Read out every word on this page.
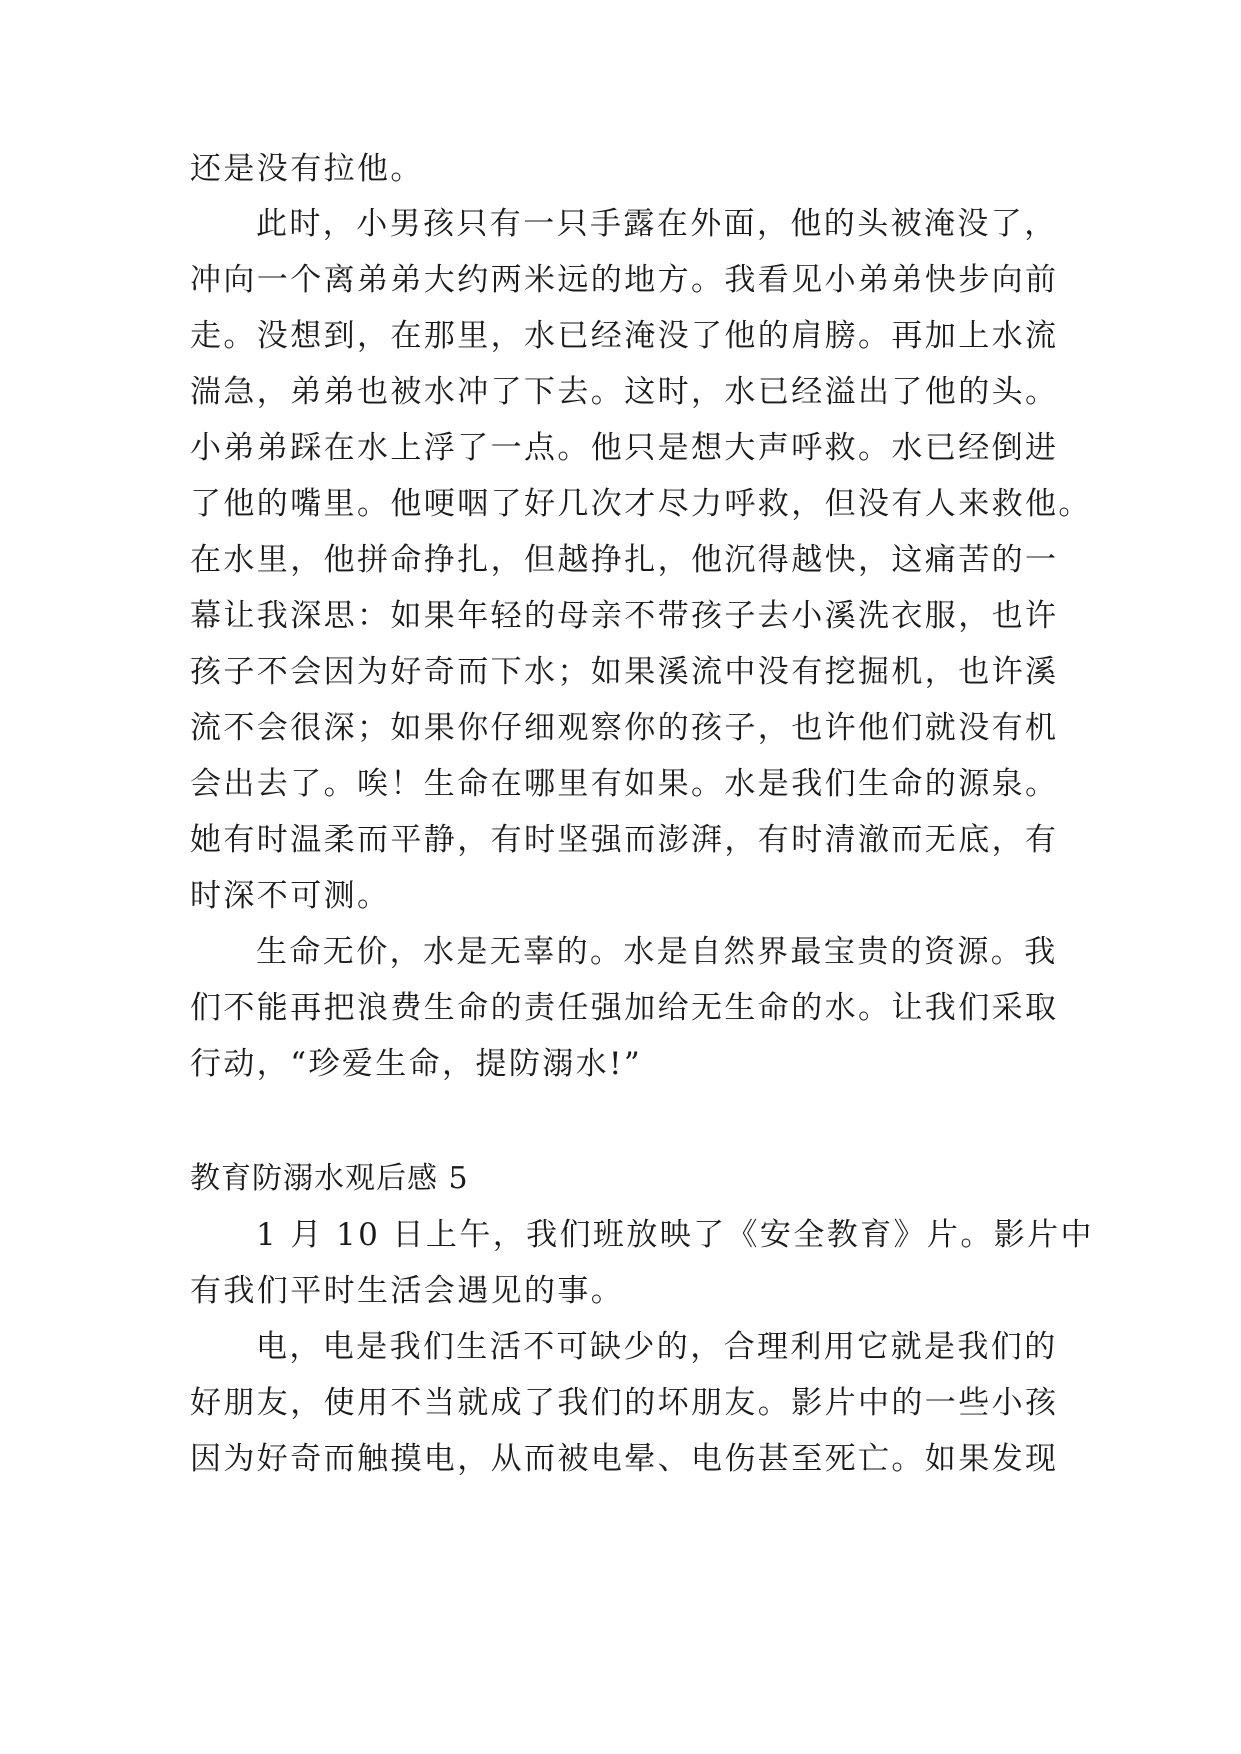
还是没有拉他。
此时，小男孩只有一只手露在外面，他的头被淹没了，
冲向一个离弟弟大约两米远的地方。我看见小弟弟快步向前
走。没想到，在那里，水已经淹没了他的肩膀。再加上水流
湍急，弟弟也被水冲了下去。这时，水已经溢出了他的头。
小弟弟踩在水上浮了一点。他只是想大声呼救。水已经倒进
了他的嘴里。他哽咽了好几次才尽力呼救，但没有人来救他。
在水里，他拼命挣扎，但越挣扎，他沉得越快，这痛苦的一
幕让我深思：如果年轻的母亲不带孩子去小溪洗衣服，也许
孩子不会因为好奇而下水；如果溪流中没有挖掘机，也许溪
流不会很深；如果你仔细观察你的孩子，也许他们就没有机
会出去了。唉！生命在哪里有如果。水是我们生命的源泉。
她有时温柔而平静，有时坚强而澎湃，有时清澈而无底，有
时深不可测。
生命无价，水是无辜的。水是自然界最宝贵的资源。我
们不能再把浪费生命的责任强加给无生命的水。让我们采取
行动，“珍爱生命，提防溺水!”
教育防溺水观后感 5
1 月 10 日上午，我们班放映了《安全教育》片。影片中
有我们平时生活会遇见的事。
电，电是我们生活不可缺少的，合理利用它就是我们的
好朋友，使用不当就成了我们的坏朋友。影片中的一些小孩
因为好奇而触摸电，从而被电晕、电伤甚至死亡。如果发现
